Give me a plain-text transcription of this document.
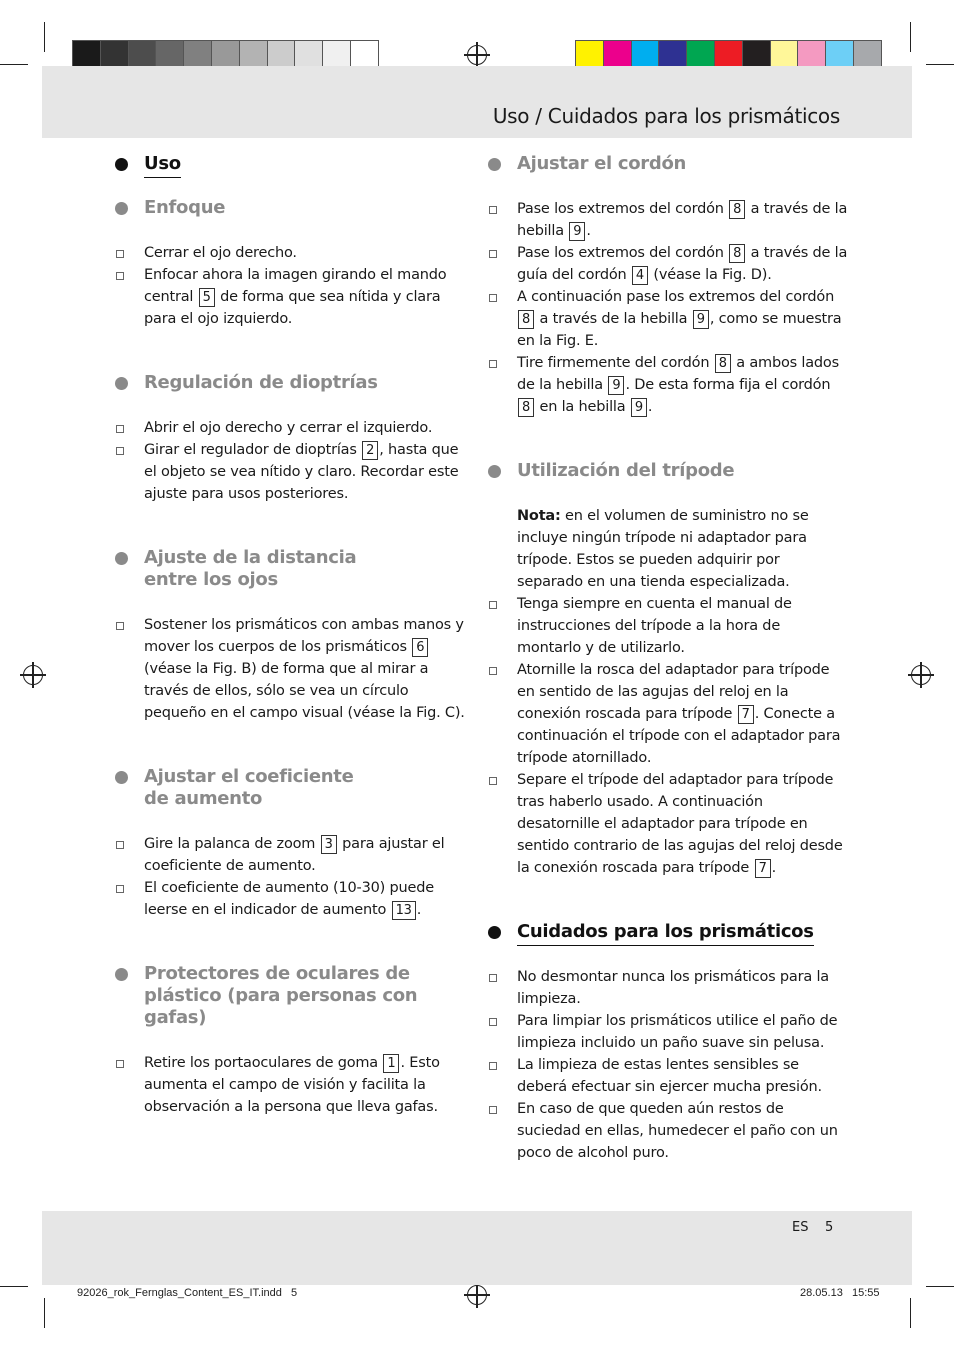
Uso / Cuidados para los prismáticos
Uso
Enfoque
Cerrar el ojo derecho.
Enfocar ahora la imagen girando el mando central 5 de forma que sea nítida y clara para el ojo izquierdo.
Regulación de dioptrías
Abrir el ojo derecho y cerrar el izquierdo.
Girar el regulador de dioptrías 2 , hasta que el objeto se vea nítido y claro. Recordar este ajuste para usos posteriores.
Ajuste de la distancia
entre los ojos
Sostener los prismáticos con ambas manos y mover los cuerpos de los prismáticos 6 (véase la Fig. B) de forma que al mirar a través de ellos, sólo se vea un círculo pequeño en el campo visual (véase la Fig. C).
Ajustar el coeficiente
de aumento
Gire la palanca de zoom 3 para ajustar el coeficiente de aumento.
El coeficiente de aumento (10-30) puede leerse en el indicador de aumento 13 .
Protectores de oculares de
plástico (para personas con
gafas)
Retire los portaoculares de goma 1 . Esto aumenta el campo de visión y facilita la observación a la persona que lleva gafas.
Ajustar el cordón
Pase los extremos del cordón 8 a través de la hebilla 9 .
Pase los extremos del cordón 8 a través de la guía del cordón 4 (véase la Fig. D).
A continuación pase los extremos del cordón 8 a través de la hebilla 9 , como se muestra en la Fig. E.
Tire firmemente del cordón 8 a ambos lados de la hebilla 9 . De esta forma fija el cordón 8 en la hebilla 9 .
Utilización del trípode
Nota: en el volumen de suministro no se incluye ningún trípode ni adaptador para trípode. Estos se pueden adquirir por separado en una tienda especializada.
Tenga siempre en cuenta el manual de instrucciones del trípode a la hora de montarlo y de utilizarlo.
Atornille la rosca del adaptador para trípode en sentido de las agujas del reloj en la conexión roscada para trípode 7 . Conecte a continuación el trípode con el adaptador para trípode atornillado.
Separe el trípode del adaptador para trípode tras haberlo usado. A continuación desatornille el adaptador para trípode en sentido contrario de las agujas del reloj desde la conexión roscada para trípode 7 .
Cuidados para los prismáticos
No desmontar nunca los prismáticos para la limpieza.
Para limpiar los prismáticos utilice el paño de limpieza incluido un paño suave sin pelusa.
La limpieza de estas lentes sensibles se deberá efectuar sin ejercer mucha presión.
En caso de que queden aún restos de suciedad en ellas, humedecer el paño con un poco de alcohol puro.
ES 5
92026_rok_Fernglas_Content_ES_IT.indd 5	28.05.13 15:55
